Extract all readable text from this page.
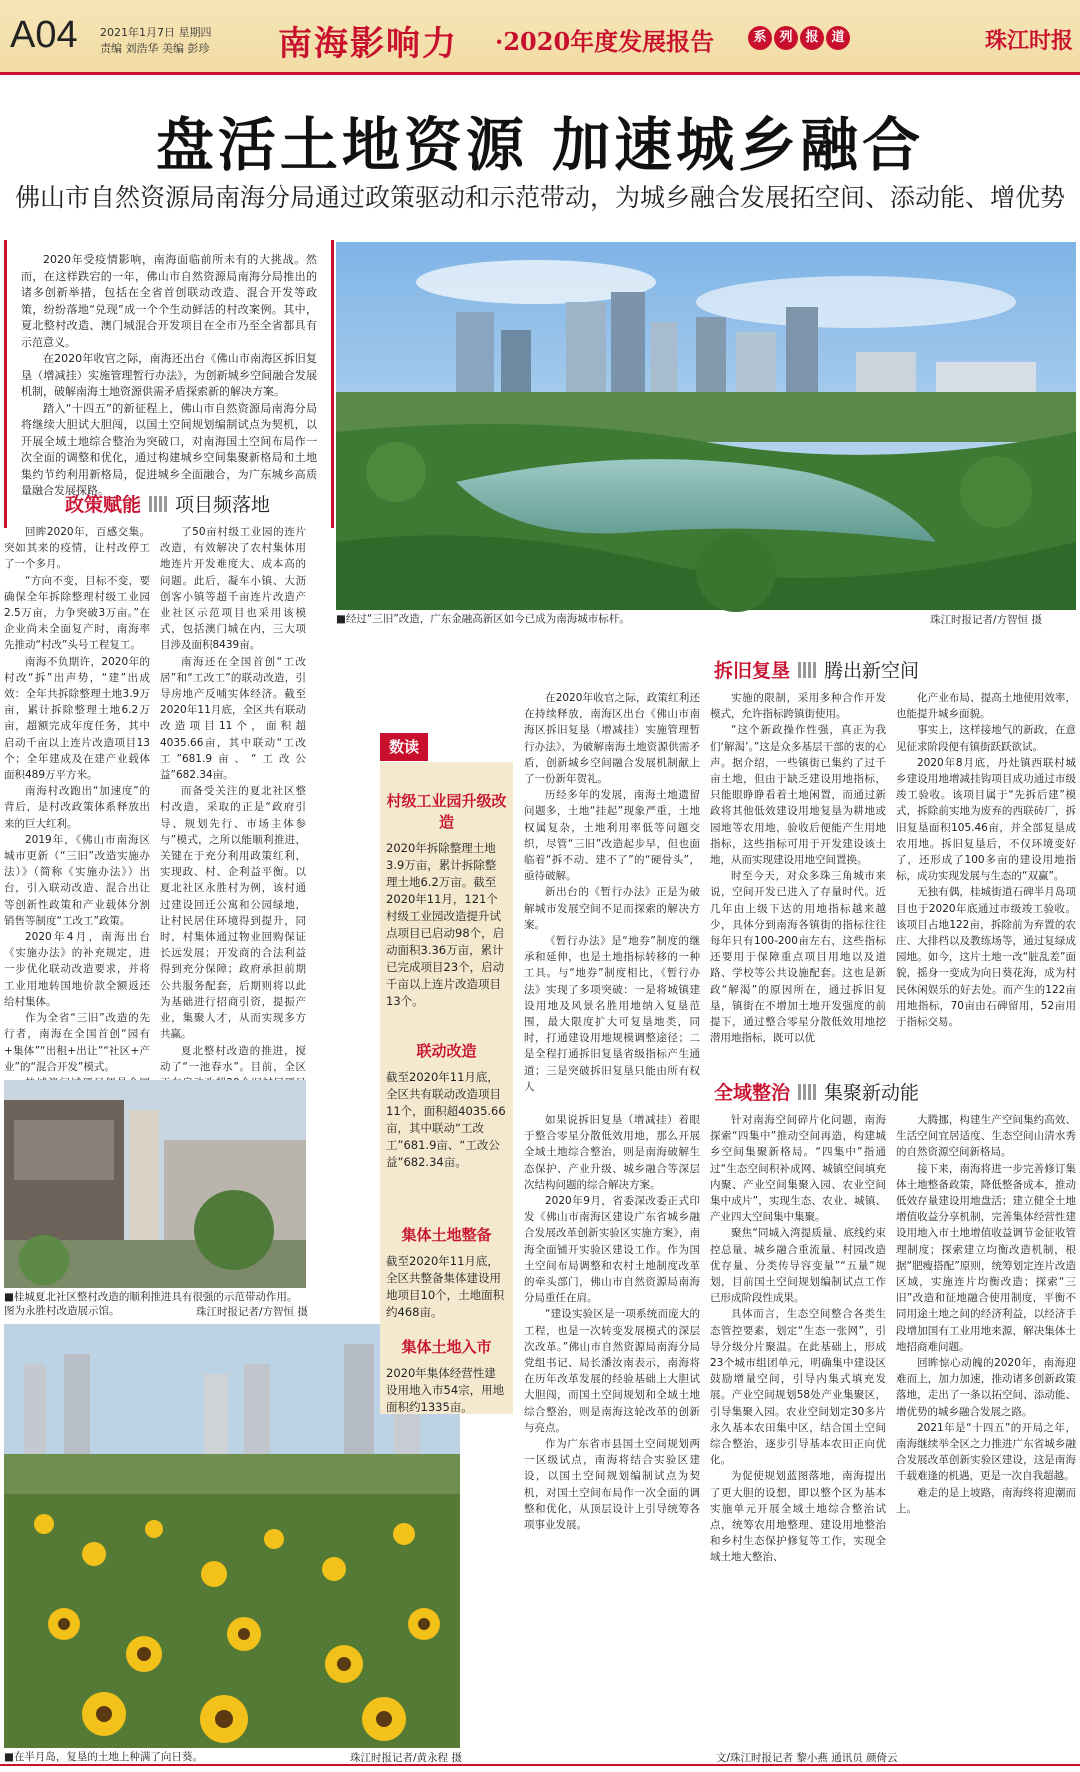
A04 2021年1月7日 星期四
责编 刘浩华 美编 彭珍 南海影响力 ·2020年度发展报告	系 列 报 道	珠江时报
盘活土地资源 加速城乡融合
佛山市自然资源局南海分局通过政策驱动和示范带动，为城乡融合发展拓空间、添动能、增优势

2020年受疫情影响，南海面临前所未有的大挑战。然而，在这样跌宕的一年，佛山市自然资源局南海分局推出的诸多创新举措，包括在全省首创联动改造、混合开发等政策，纷纷落地“兑现”成一个个生动鲜活的村改案例。其中，夏北整村改造、澳门城混合开发项目在全市乃至全省都具有示范意义。

在2020年收官之际，南海还出台《佛山市南海区拆旧复垦（增减挂）实施管理暂行办法》，为创新城乡空间融合发展机制，破解南海土地资源供需矛盾探索新的解决方案。

踏入“十四五”的新征程上，佛山市自然资源局南海分局将继续大胆试大胆闯，以国土空间规划编制试点为契机，以开展全域土地综合整治为突破口，对南海国土空间布局作一次全面的调整和优化，通过构建城乡空间集聚新格局和土地集约节约利用新格局，促进城乡全面融合，为广东城乡高质量融合发展探路。

■经过“三旧”改造，广东金融高新区如今已成为南海城市标杆。	珠江时报记者/方智恒 摄
政策赋能 项目频落地

回眸2020年，百感交集。突如其来的疫情，让村改停工了一个多月。

“方向不变，目标不变，要确保全年拆除整理村级工业园2.5万亩，力争突破3万亩。”在企业尚未全面复产时，南海率先推动“村改”头号工程复工。

南海不负期许，2020年的村改“拆”出声势，“建”出成效：全年共拆除整理土地3.9万亩，累计拆除整理土地6.2万亩，超额完成年度任务，其中启动千亩以上连片改造项目13个；全年建成及在建产业载体面积489万平方米。

南海村改跑出“加速度”的背后，是村改政策体系释放出来的巨大红利。

2019年，《佛山市南海区城市更新（“三旧”改造实施办法）》（简称《实施办法》）出台，引入联动改造、混合出让等创新性政策和产业载体分割销售等制度“工改工”政策。

2020年4月，南海出台《实施办法》的补充规定，进一步优化联动改造要求，并将工业用地转国地价款全额返还给村集体。

作为全省“三旧”改造的先行者，南海在全国首创“园有+集体”“出租+出让”“社区+产业”的“混合开发”模式。

了50亩村级工业园的连片改造，有效解决了农村集体用地连片开发难度大、成本高的问题。此后，凝车小镇、大沥创客小镇等超千亩连片改造产业社区示范项目也采用该模式，包括澳门城在内，三大项目涉及面积8439亩。

南海还在全国首创“工改居”和“工改工”的联动改造，引导房地产反哺实体经济。截至2020年11月底，全区共有联动改造项目11个，面积超4035.66亩，其中联动“工改工”681.9亩、“工改公益”682.34亩。

而备受关注的夏北社区整村改造，采取的正是“政府引导、规划先行、市场主体参与”模式，之所以能顺利推进，关键在于充分利用政策红利，实现政、村、企利益平衡。以夏北社区永胜村为例，该村通过建设回迁公寓和公园绿地，让村民居住环境得到提升，同时，村集体通过物业回购保证长远发展；开发商的合法利益得到充分保障；政府承担前期公共服务配套，后期则将以此为基础进行招商引资，提振产业，集聚人才，从而实现多方共赢。

夏北整村改造的推进，搅动了“一池春水”。目前，全区

■桂城夏北社区整村改造的顺利推进具有很强的示范带动作用。图为永胜村改造展示馆。	珠江时报记者/方智恒 摄
■在半月岛，复垦的土地上种满了向日葵。	珠江时报记者/黄永程 摄
数读
村级工业园升级改造

2020年拆除整理土地3.9万亩，累计拆除整理土地6.2万亩。截至2020年11月，121个村级工业园改造提升试点项目已启动98个，启动面积3.36万亩，累计已完成项目23个，启动千亩以上连片改造项目13个。

联动改造

截至2020年11月底，全区共有联动改造项目11个，面积超4035.66亩，其中联动“工改工”681.9亩、“工改公益”682.34亩。

集体土地整备

截至2020年11月底，全区共整备集体建设用地项目10个，土地面积约468亩。

集体土地入市

2020年集体经营性建设用地入市54宗，用地面积约1335亩。

拆旧复垦 腾出新空间

在2020年收官之际，政策红利还在持续释放，南海区出台《佛山市南海区拆旧复垦（增减挂）实施管理暂行办法》，为破解南海土地资源供需矛盾，创新城乡空间融合发展机制献上了一份新年贺礼。

历经多年的发展，南海土地遗留问题多，土地“挂起”现象严重，土地权属复杂，土地利用率低等问题交织，尽管“三旧”改造起步早，但也面临着“拆不动、建不了”的“硬骨头”，亟待破解。

新出台的《暂行办法》正是为破解城市发展空间不足而探索的解决方案。

《暂行办法》是“地券”制度的继承和延伸，也是土地指标转移的一种工具。与“地券”制度相比，《暂行办法》实现了多项突破：一是将城镇建设用地及风景名胜用地纳入复垦范围，最大限度扩大可复垦地类，同时，打通建设用地规模调整途径；二是全程打通拆旧复垦省级指标产生通道；三是突破拆旧复垦只能由所有权人

实施的限制，采用多种合作开发模式，允许指标跨镇街使用。

“这个新政操作性强，真正为我们‘解渴’。”这是众多基层干部的衷的心声。据介绍，一些镇街已集约了过千亩土地，但由于缺乏建设用地指标，只能眼睁睁看着土地闲置，而通过新政将其他低效建设用地复垦为耕地或园地等农用地，验收后便能产生用地指标，这些指标可用于开发建设该土地，从而实现建设用地空间置换。

时至今天，对众多珠三角城市来说，空间开发已进入了存量时代。近几年由上级下达的用地指标越来越少，具体分到南海各镇街的指标往往每年只有100-200亩左右，这些指标还要用于保障重点项目用地以及道路、学校等公共设施配套。这也是新政“解渴”的原因所在，通过拆旧复垦，镇街在不增加土地开发强度的前提下，通过整合零星分散低效用地挖潜用地指标，既可以优

化产业布局、提高土地使用效率，也能提升城乡面貌。

事实上，这样接地气的新政，在意见征求阶段便有镇街跃跃欲试。

2020年8月底，丹灶镇西联村城乡建设用地增减挂钩项目成功通过市级竣工验收。该项目属于“先拆后建”模式，拆除前实地为废弃的西联砖厂，拆旧复垦面积105.46亩，并全部复垦成农用地。拆旧复垦后，不仅环境变好了，还形成了100多亩的建设用地指标，成功实现发展与生态的“双赢”。

无独有偶，桂城街道石碑半月岛项目也于2020年底通过市级竣工验收。该项目占地122亩，拆除前为弃置的农庄、大排档以及教练场等，通过复绿成园地。如今，这片土地一改“脏乱差”面貌，摇身一变成为向日葵花海，成为村民休闲娱乐的好去处。而产生的122亩用地指标，70亩由石碑留用，52亩用于指标交易。

全域整治 集聚新动能

如果说拆旧复垦（增减挂）着眼于整合零星分散低效用地，那么开展全域土地综合整治，则是南海破解生态保护、产业升级、城乡融合等深层次结构问题的综合解决方案。

2020年9月，省委深改委正式印发《佛山市南海区建设广东省城乡融合发展改革创新实验区实施方案》，南海全面铺开实验区建设工作。作为国土空间布局调整和农村土地制度改革的牵头部门，佛山市自然资源局南海分局重任在肩。

“建设实验区是一项系统而庞大的工程，也是一次转变发展模式的深层次改革。”佛山市自然资源局南海分局党组书记、局长潘汝南表示，南海将在历年改革发展的经验基础上大胆试大胆闯，而国土空间规划和全域土地综合整治，则是南海这轮改革的创新与亮点。

作为广东省市县国土空间规划两一区级试点，南海将结合实验区建设，以国土空间规划编制试点为契机，对国土空间布局作一次全面的调整和优化，从顶层设计上引导统筹各项事业发展。

针对南海空间碎片化问题，南海探索“四集中”推动空间再造，构建城乡空间集聚新格局。“四集中”指通过“生态空间积补成网、城镇空间填充内聚、产业空间集聚入园、农业空间集中成片”，实现生态、农业、城镇、产业四大空间集中集聚。

聚焦“同城入湾提质量、底线约束控总量、城乡融合重流量、村园改造优存量、分类传导容变量”“五量”规划，目前国土空间规划编制试点工作已形成阶段性成果。

具体而言，生态空间整合各类生态管控要素，划定“生态一张网”，引导分级分片聚温。在此基础上，形成23个城市组团单元，明确集中建设区鼓励增量空间，引导内集式填充发展。产业空间规划58处产业集聚区，引导集聚入园。农业空间划定30多片永久基本农田集中区，结合国土空间综合整治，逐步引导基本农田正向优化。

为促使规划蓝图落地，南海提出了更大胆的设想，即以整个区为基本实施单元开展全域土地综合整治试点，统筹农用地整理、建设用地整治和乡村生态保护修复等工作，实现全域土地大整治、

大腾挪，构建生产空间集约高效、生活空间宜居适度、生态空间山清水秀的自然资源空间新格局。

接下来，南海将进一步完善修订集体土地整备政策，降低整备成本，推动低效存量建设用地盘活；建立健全土地增值收益分享机制，完善集体经营性建设用地入市土地增值收益调节金征收管理制度；探索建立均衡改造机制，根据“肥瘦搭配”原则，统筹划定连片改造区域，实施连片均衡改造；探索“三旧”改造和征地融合使用制度，平衡不同用途土地之间的经济利益，以经济手段增加国有工业用地来源，解决集体土地招商难问题。

回眸惊心动魄的2020年，南海迎难而上，加力加速，推动诸多创新政策落地，走出了一条以拓空间、添动能、增优势的城乡融合发展之路。

2021年是“十四五”的开局之年，南海继续举全区之力推进广东省城乡融合发展改革创新实验区建设，这是南海千载难逢的机遇，更是一次自我超越。

难走的是上坡路，南海终将迎潮而上。

文/珠江时报记者 黎小燕 通讯员 颜倚云
